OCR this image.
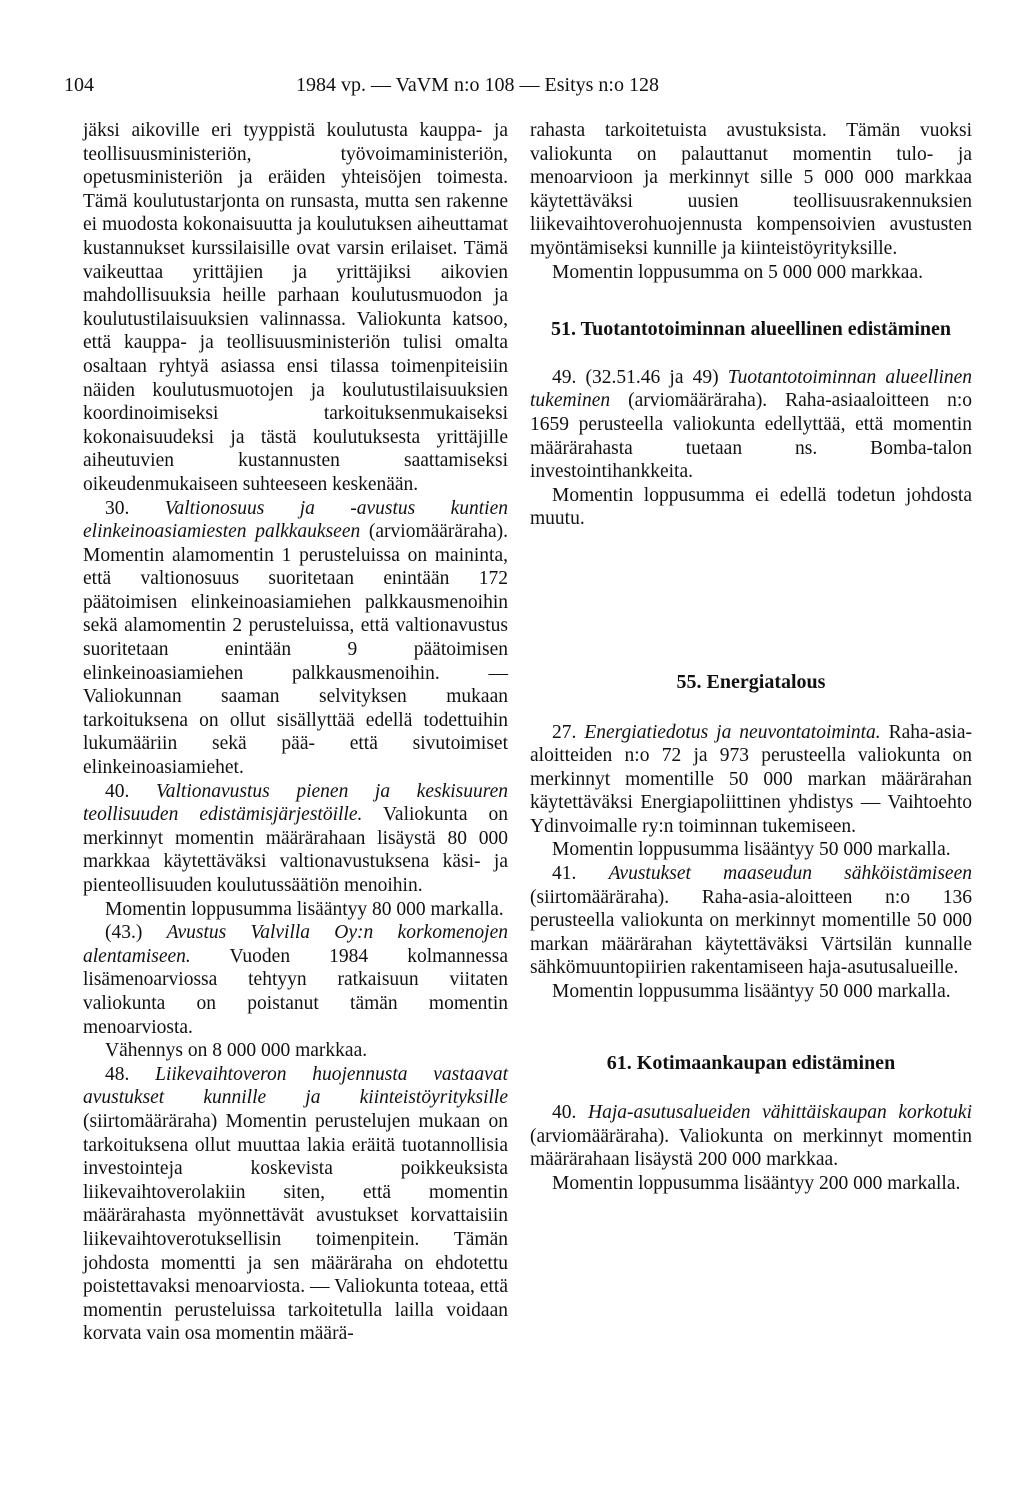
104	1984 vp. — VaVM n:o 108 — Esitys n:o 128

jäksi aikoville eri tyyppistä koulutusta kauppa- ja teollisuusministeriön, työvoimaministeriön, opetusministeriön ja eräiden yhteisöjen toimesta. Tämä koulutustarjonta on runsasta, mutta sen rakenne ei muodosta kokonaisuutta ja koulutuksen aiheuttamat kustannukset kurssilaisille ovat varsin erilaiset. Tämä vaikeuttaa yrittäjien ja yrittäjiksi aikovien mahdollisuuksia heille parhaan koulutusmuodon ja koulutustilaisuuksien valinnassa. Valiokunta katsoo, että kauppa- ja teollisuusministeriön tulisi omalta osaltaan ryhtyä asiassa ensi tilassa toimenpiteisiin näiden koulutusmuotojen ja koulutustilaisuuksien koordinoimiseksi tarkoituksenmukaiseksi kokonaisuudeksi ja tästä koulutuksesta yrittäjille aiheutuvien kustannusten saattamiseksi oikeudenmukaiseen suhteeseen keskenään.

30. Valtionosuus ja -avustus kuntien elinkeinoasiamiesten palkkaukseen (arviomääräraha). Momentin alamomentin 1 perusteluissa on maininta, että valtionosuus suoritetaan enintään 172 päätoimisen elinkeinoasiamiehen palkkausmenoihin sekä alamomentin 2 perusteluissa, että valtionavustus suoritetaan enintään 9 päätoimisen elinkeinoasiamiehen palkkausmenoihin. — Valiokunnan saaman selvityksen mukaan tarkoituksena on ollut sisällyttää edellä todettuihin lukumääriin sekä pää- että sivutoimiset elinkeinoasiamiehet.

40. Valtionavustus pienen ja keskisuuren teollisuuden edistämisjärjestöille. Valiokunta on merkinnyt momentin määrärahaan lisäystä 80 000 markkaa käytettäväksi valtionavustuksena käsi- ja pienteollisuuden koulutussäätiön menoihin.

Momentin loppusumma lisääntyy 80 000 markalla.

(43.) Avustus Valvilla Oy:n korkomenojen alentamiseen. Vuoden 1984 kolmannessa lisämenoarviossa tehtyyn ratkaisuun viitaten valiokunta on poistanut tämän momentin menoarviosta.

Vähennys on 8 000 000 markkaa.

48. Liikevaihtoveron huojennusta vastaavat avustukset kunnille ja kiinteistöyrityksille (siirtomääräraha) Momentin perustelujen mukaan on tarkoituksena ollut muuttaa lakia eräitä tuotannollisia investointeja koskevista poikkeuksista liikevaihtoverolakiin siten, että momentin määrärahasta myönnettävät avustukset korvattaisiin liikevaihtoverotuksellisin toimenpitein. Tämän johdosta momentti ja sen määräraha on ehdotettu poistettavaksi menoarviosta. — Valiokunta toteaa, että momentin perusteluissa tarkoitetulla lailla voidaan korvata vain osa momentin määrä-

rahasta tarkoitetuista avustuksista. Tämän vuoksi valiokunta on palauttanut momentin tulo- ja menoarvioon ja merkinnyt sille 5 000 000 markkaa käytettäväksi uusien teollisuusrakennuksien liikevaihtoverohuojennusta kompensoivien avustusten myöntämiseksi kunnille ja kiinteistöyrityksille.

Momentin loppusumma on 5 000 000 markkaa.

51. Tuotantotoiminnan alueellinen edistäminen

49. (32.51.46 ja 49) Tuotantotoiminnan alueellinen tukeminen (arviomääräraha). Raha-asiaaloitteen n:o 1659 perusteella valiokunta edellyttää, että momentin määrärahasta tuetaan ns. Bomba-talon investointihankkeita.

Momentin loppusumma ei edellä todetun johdosta muutu.

55. Energiatalous

27. Energiatiedotus ja neuvontatoiminta. Raha-asia-aloitteiden n:o 72 ja 973 perusteella valiokunta on merkinnyt momentille 50 000 markan määrärahan käytettäväksi Energiapoliittinen yhdistys — Vaihtoehto Ydinvoimalle ry:n toiminnan tukemiseen.

Momentin loppusumma lisääntyy 50 000 markalla.

41. Avustukset maaseudun sähköistämiseen (siirtomääräraha). Raha-asia-aloitteen n:o 136 perusteella valiokunta on merkinnyt momentille 50 000 markan määrärahan käytettäväksi Värtsilän kunnalle sähkömuuntopiirien rakentamiseen haja-asutusalueille.

Momentin loppusumma lisääntyy 50 000 markalla.

61. Kotimaankaupan edistäminen

40. Haja-asutusalueiden vähittäiskaupan korkotuki (arviomääräraha). Valiokunta on merkinnyt momentin määrärahaan lisäystä 200 000 markkaa.

Momentin loppusumma lisääntyy 200 000 markalla.
